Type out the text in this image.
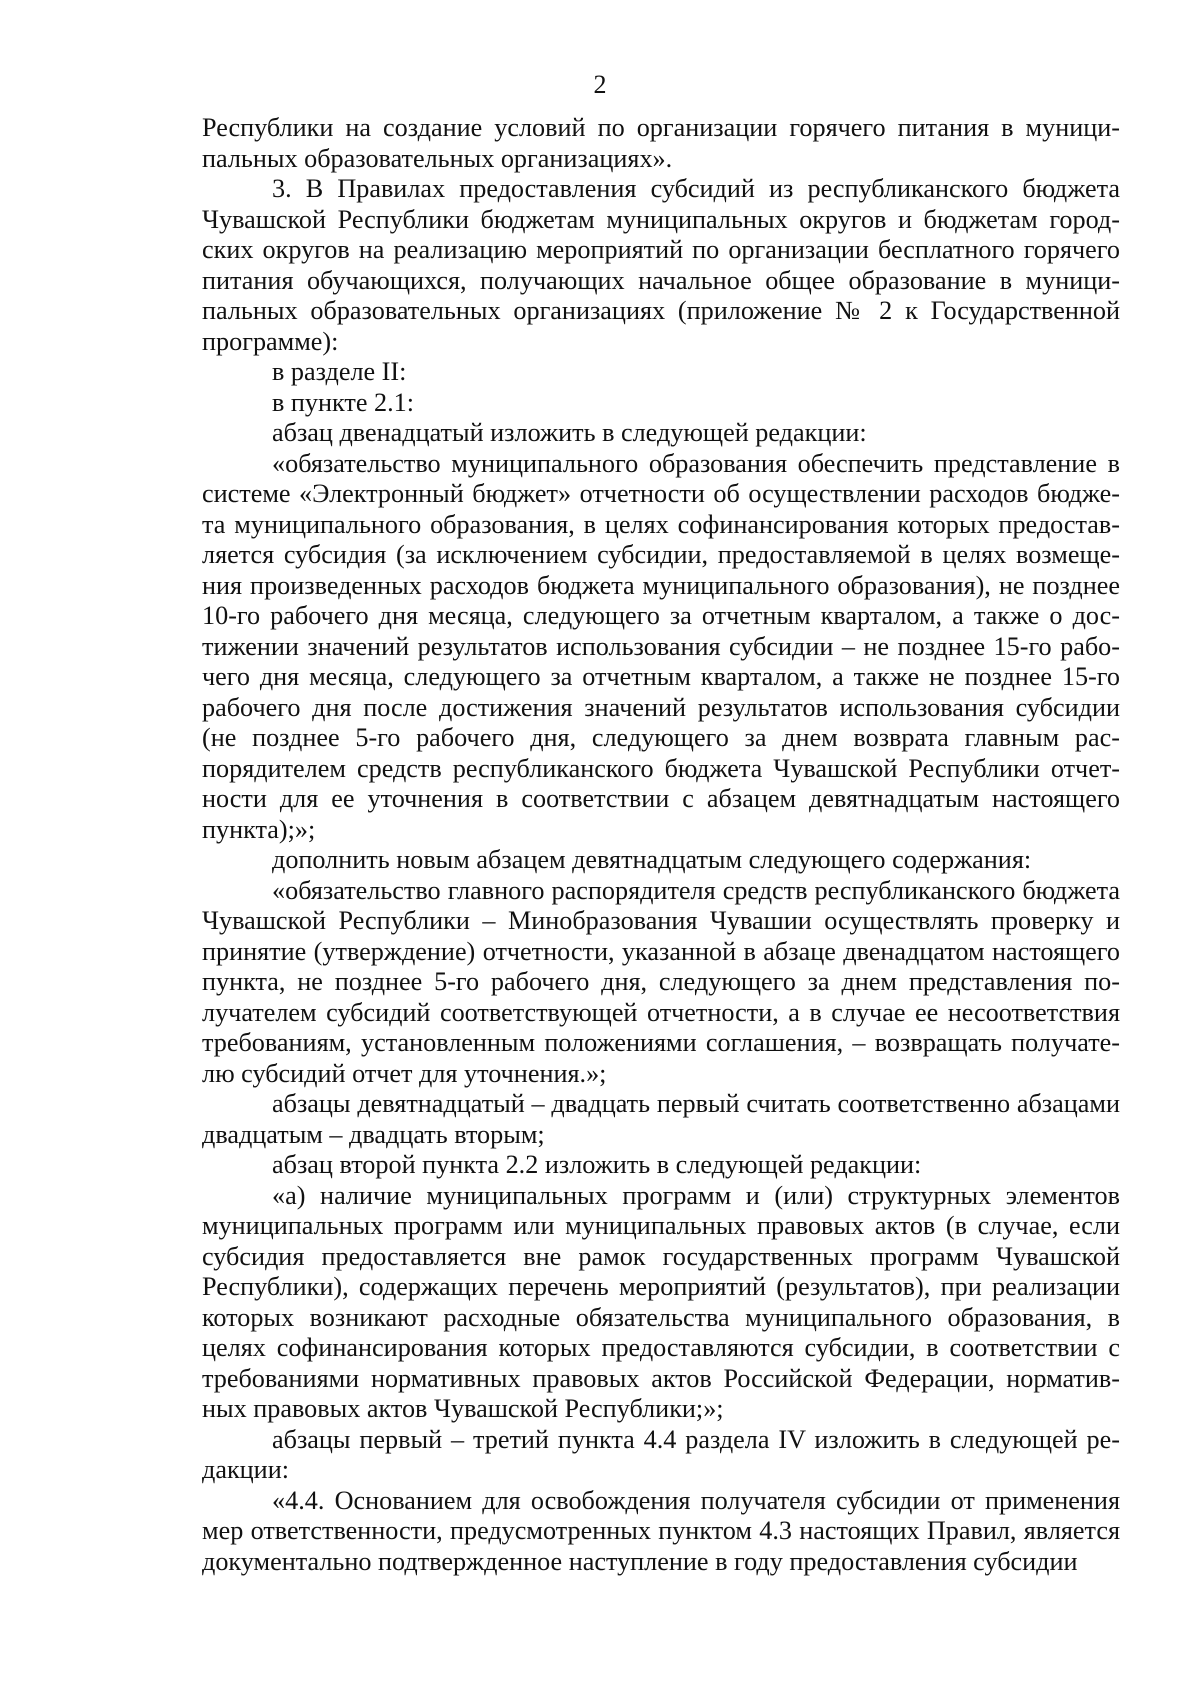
2

Республики на создание условий по организации горячего питания в муниципальных образовательных организациях».

3. В Правилах предоставления субсидий из республиканского бюджета Чувашской Республики бюджетам муниципальных округов и бюджетам городских округов на реализацию мероприятий по организации бесплатного горячего питания обучающихся, получающих начальное общее образование в муниципальных образовательных организациях (приложение № 2 к Государственной программе):

в разделе II:

в пункте 2.1:

абзац двенадцатый изложить в следующей редакции:

«обязательство муниципального образования обеспечить представление в системе «Электронный бюджет» отчетности об осуществлении расходов бюджета муниципального образования, в целях софинансирования которых предоставляется субсидия (за исключением субсидии, предоставляемой в целях возмещения произведенных расходов бюджета муниципального образования), не позднее 10-го рабочего дня месяца, следующего за отчетным кварталом, а также о достижении значений результатов использования субсидии – не позднее 15-го рабочего дня месяца, следующего за отчетным кварталом, а также не позднее 15-го рабочего дня после достижения значений результатов использования субсидии (не позднее 5-го рабочего дня, следующего за днем возврата главным распорядителем средств республиканского бюджета Чувашской Республики отчетности для ее уточнения в соответствии с абзацем девятнадцатым настоящего пункта);»;

дополнить новым абзацем девятнадцатым следующего содержания:

«обязательство главного распорядителя средств республиканского бюджета Чувашской Республики – Минобразования Чувашии осуществлять проверку и принятие (утверждение) отчетности, указанной в абзаце двенадцатом настоящего пункта, не позднее 5-го рабочего дня, следующего за днем представления получателем субсидий соответствующей отчетности, а в случае ее несоответствия требованиям, установленным положениями соглашения, – возвращать получателю субсидий отчет для уточнения.»;

абзацы девятнадцатый – двадцать первый считать соответственно абзацами двадцатым – двадцать вторым;

абзац второй пункта 2.2 изложить в следующей редакции:

«а) наличие муниципальных программ и (или) структурных элементов муниципальных программ или муниципальных правовых актов (в случае, если субсидия предоставляется вне рамок государственных программ Чувашской Республики), содержащих перечень мероприятий (результатов), при реализации которых возникают расходные обязательства муниципального образования, в целях софинансирования которых предоставляются субсидии, в соответствии с требованиями нормативных правовых актов Российской Федерации, нормативных правовых актов Чувашской Республики;»;

абзацы первый – третий пункта 4.4 раздела IV изложить в следующей редакции:

«4.4. Основанием для освобождения получателя субсидии от применения мер ответственности, предусмотренных пунктом 4.3 настоящих Правил, является документально подтвержденное наступление в году предоставления субсидии
